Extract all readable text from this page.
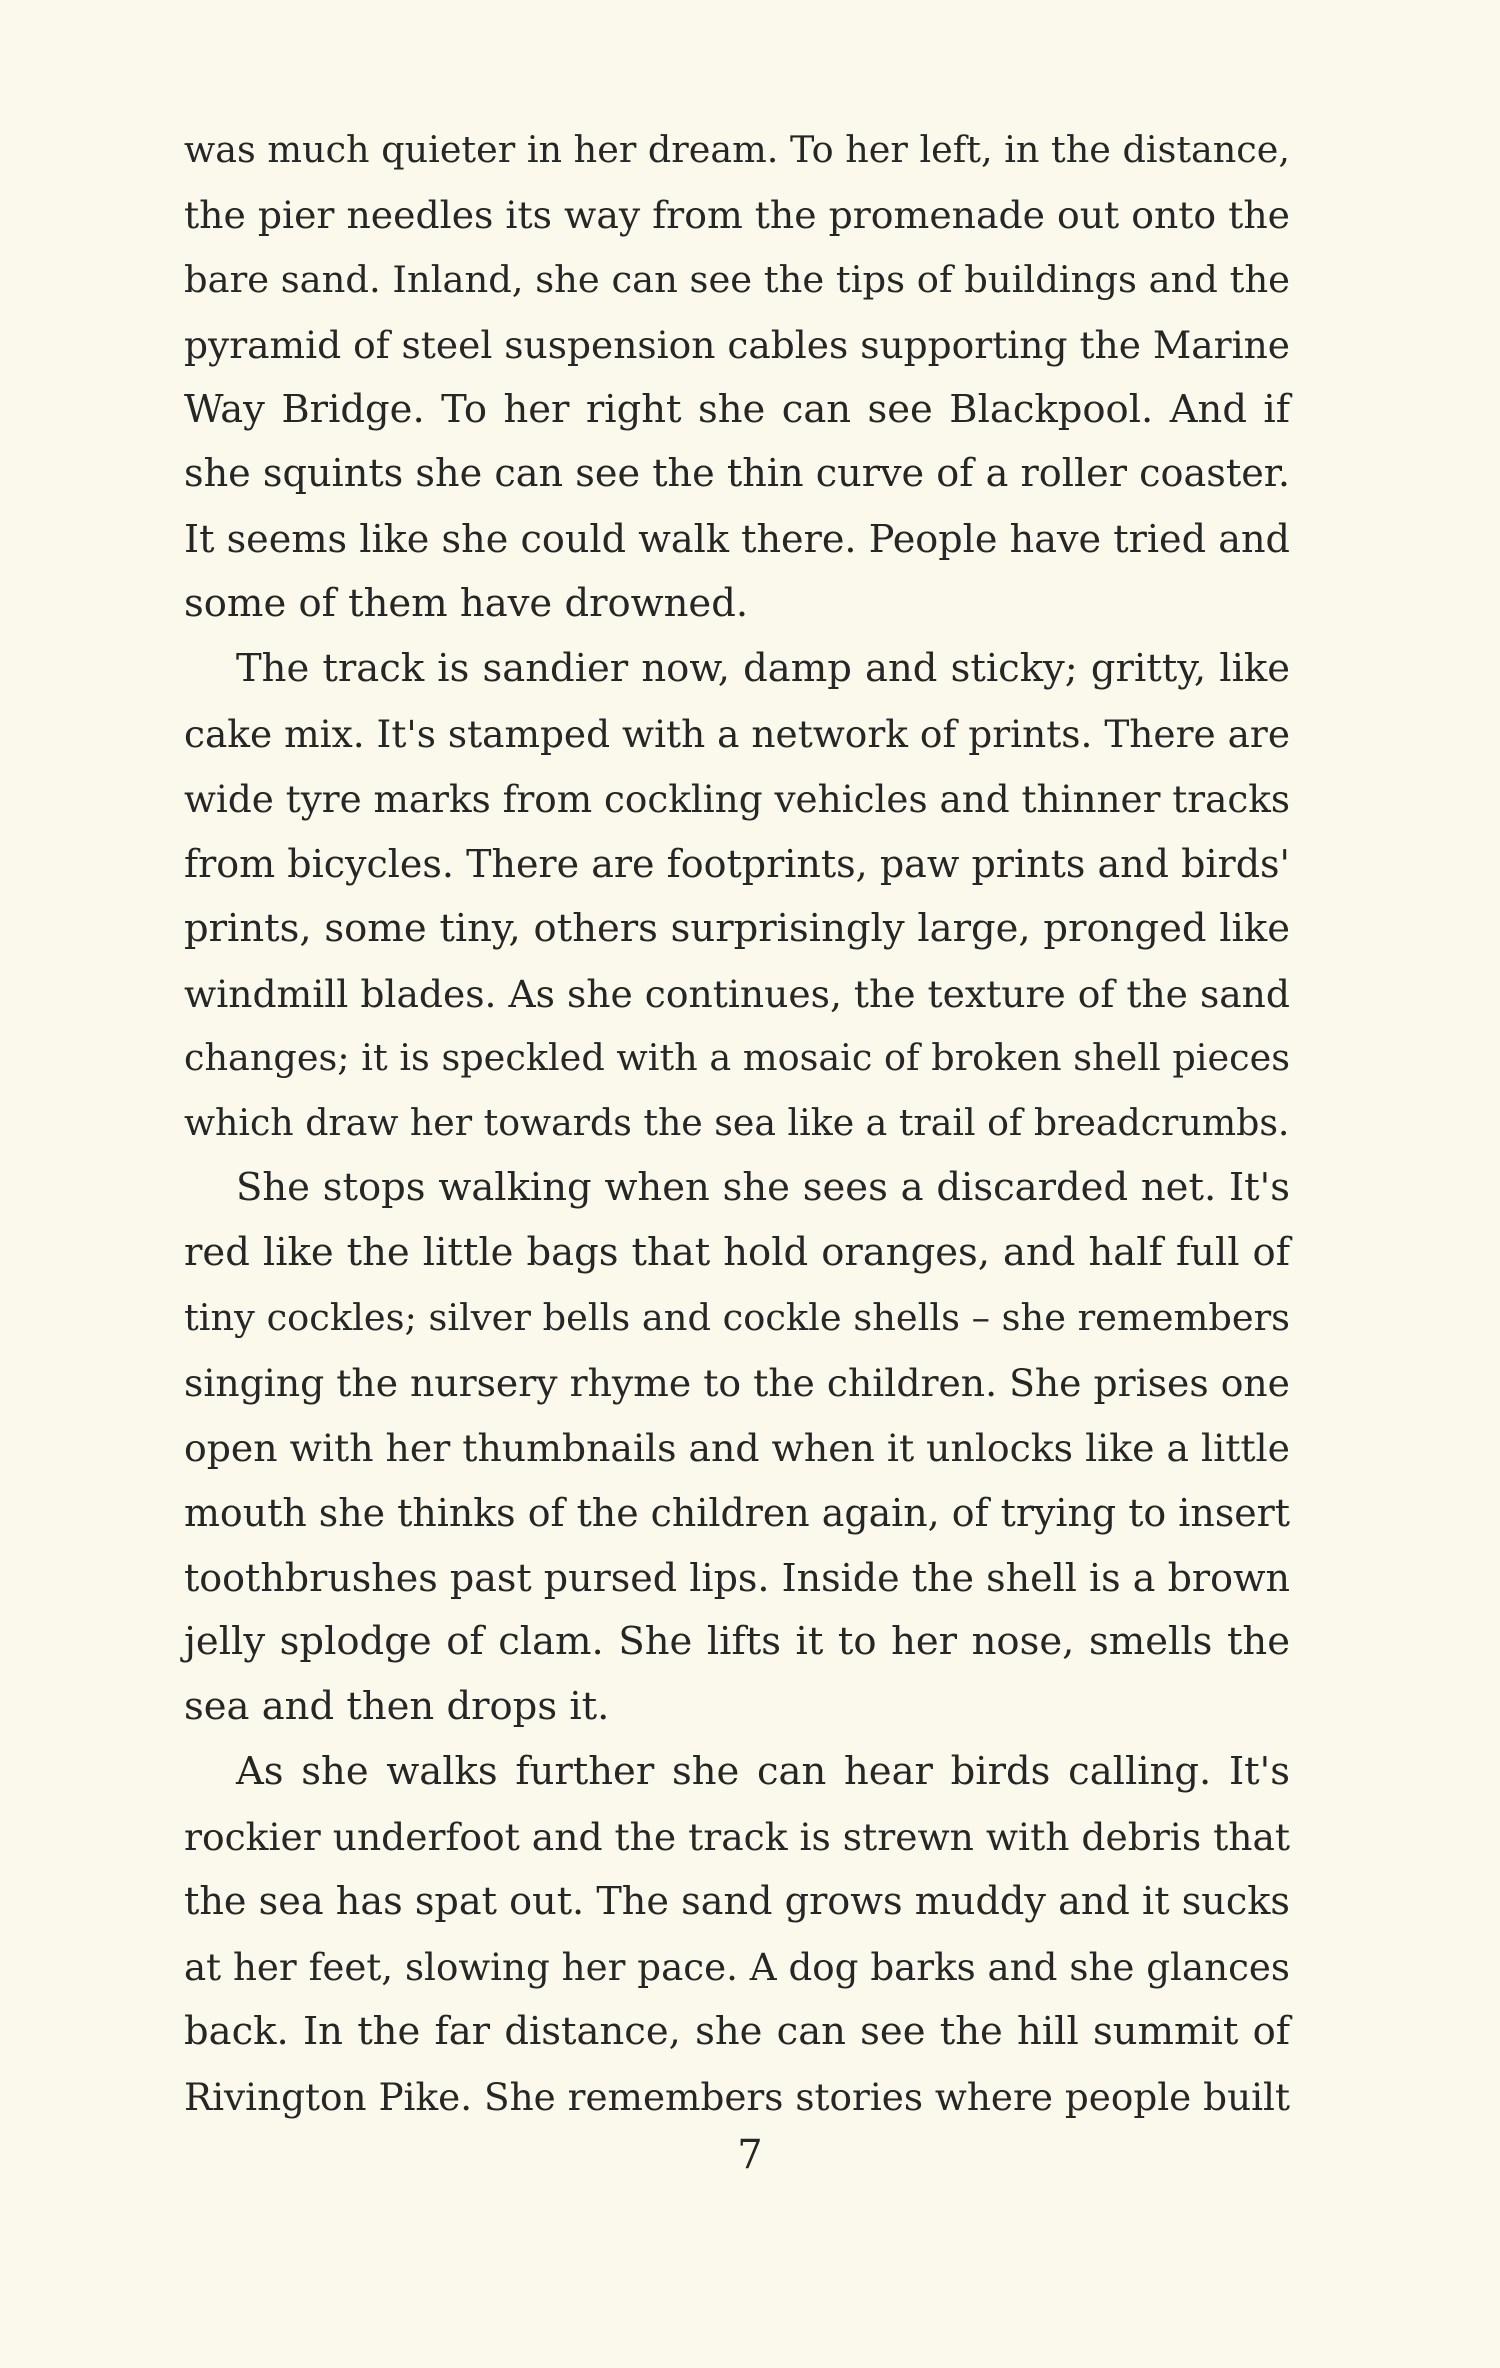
was much quieter in her dream. To her left, in the distance,
the pier needles its way from the promenade out onto the
bare sand. Inland, she can see the tips of buildings and the
pyramid of steel suspension cables supporting the Marine
Way Bridge. To her right she can see Blackpool. And if
she squints she can see the thin curve of a roller coaster.
It seems like she could walk there. People have tried and
some of them have drowned.
The track is sandier now, damp and sticky; gritty, like
cake mix. It's stamped with a network of prints. There are
wide tyre marks from cockling vehicles and thinner tracks
from bicycles. There are footprints, paw prints and birds'
prints, some tiny, others surprisingly large, pronged like
windmill blades. As she continues, the texture of the sand
changes; it is speckled with a mosaic of broken shell pieces
which draw her towards the sea like a trail of breadcrumbs.
She stops walking when she sees a discarded net. It's
red like the little bags that hold oranges, and half full of
tiny cockles; silver bells and cockle shells – she remembers
singing the nursery rhyme to the children. She prises one
open with her thumbnails and when it unlocks like a little
mouth she thinks of the children again, of trying to insert
toothbrushes past pursed lips. Inside the shell is a brown
jelly splodge of clam. She lifts it to her nose, smells the
sea and then drops it.
As she walks further she can hear birds calling. It's
rockier underfoot and the track is strewn with debris that
the sea has spat out. The sand grows muddy and it sucks
at her feet, slowing her pace. A dog barks and she glances
back. In the far distance, she can see the hill summit of
Rivington Pike. She remembers stories where people built
7
